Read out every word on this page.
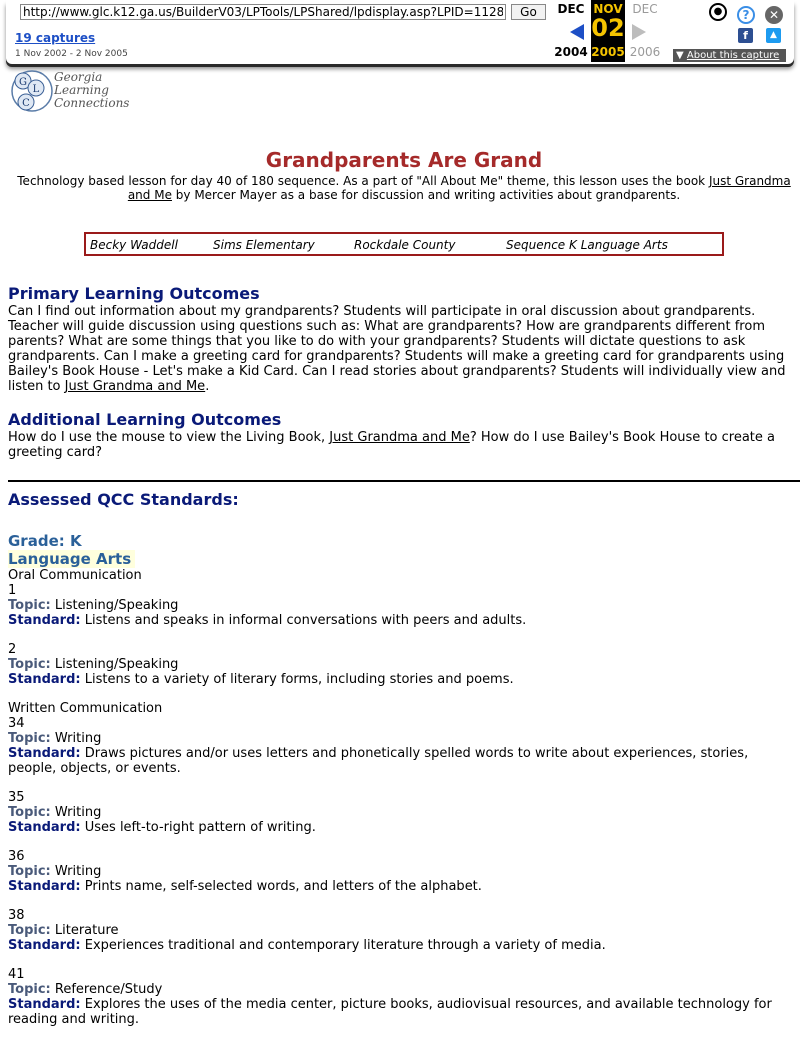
http://www.glc.k12.ga.us/BuilderV03/LPTools/LPShared/lpdisplay.asp?LPID=1128
Go
19 captures
1 Nov 2002 - 2 Nov 2005
DEC	DEC
2004	2006
NOV
02
2005
●	?	✕
f	▲
▼ About this capture
G
L
C
Georgia
Learning
Connections
Grandparents Are Grand

Technology based lesson for day 40 of 180 sequence. As a part of "All About Me" theme, this lesson uses the book Just Grandma and Me by Mercer Mayer as a base for discussion and writing activities about grandparents.

Becky Waddell	Sims Elementary	Rockdale County	Sequence K Language Arts
Primary Learning Outcomes

Can I find out information about my grandparents? Students will participate in oral discussion about grandparents. Teacher will guide discussion using questions such as: What are grandparents? How are grandparents different from parents? What are some things that you like to do with your grandparents? Students will dictate questions to ask grandparents. Can I make a greeting card for grandparents? Students will make a greeting card for grandparents using Bailey's Book House - Let's make a Kid Card. Can I read stories about grandparents? Students will individually view and listen to Just Grandma and Me.

Additional Learning Outcomes

How do I use the mouse to view the Living Book, Just Grandma and Me? How do I use Bailey's Book House to create a greeting card?

Assessed QCC Standards:
Grade: K
Language Arts
Oral Communication
1
Topic: Listening/Speaking
Standard: Listens and speaks in informal conversations with peers and adults.
2
Topic: Listening/Speaking
Standard: Listens to a variety of literary forms, including stories and poems.
Written Communication
34
Topic: Writing
Standard: Draws pictures and/or uses letters and phonetically spelled words to write about experiences, stories, people, objects, or events.
35
Topic: Writing
Standard: Uses left-to-right pattern of writing.
36
Topic: Writing
Standard: Prints name, self-selected words, and letters of the alphabet.
38
Topic: Literature
Standard: Experiences traditional and contemporary literature through a variety of media.
41
Topic: Reference/Study
Standard: Explores the uses of the media center, picture books, audiovisual resources, and available technology for reading and writing.
